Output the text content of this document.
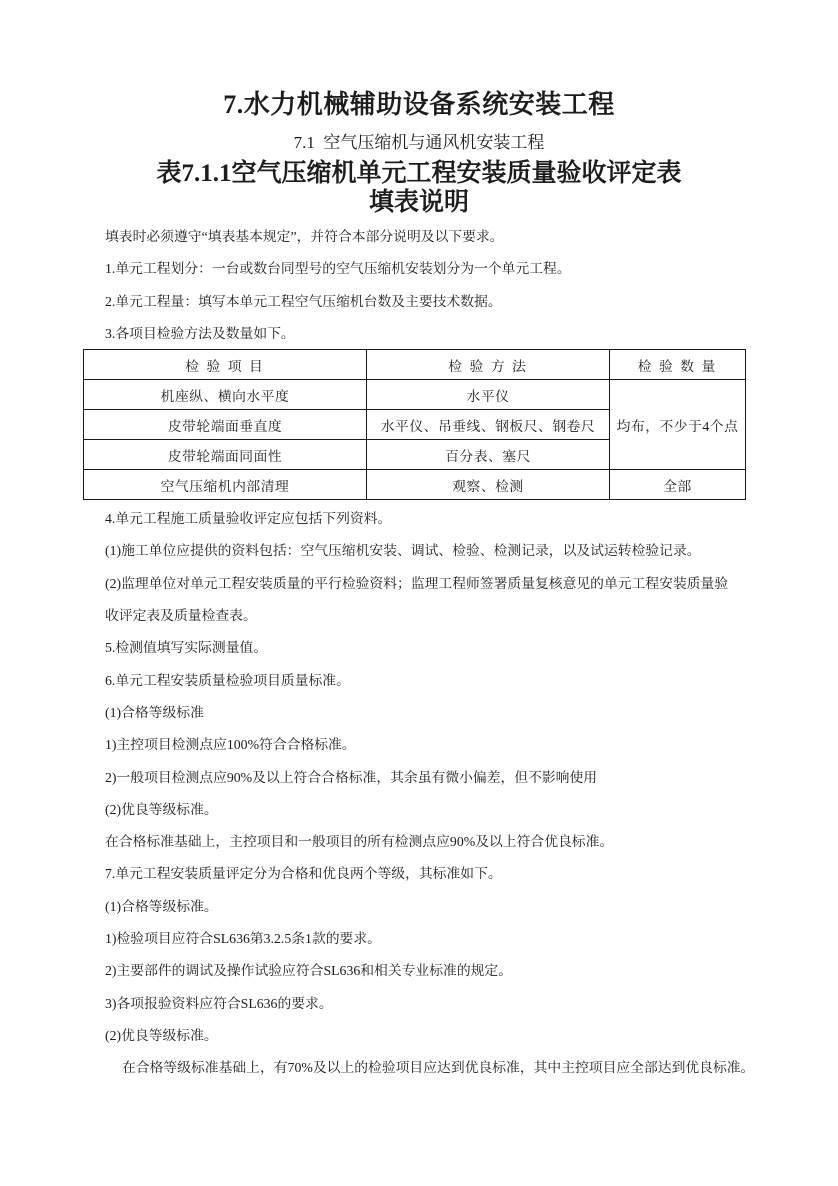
7.水力机械辅助设备系统安装工程
7.1  空气压缩机与通风机安装工程
表7.1.1空气压缩机单元工程安装质量验收评定表
填表说明
填表时必须遵守“填表基本规定”，并符合本部分说明及以下要求。
1.单元工程划分：一台或数台同型号的空气压缩机安装划分为一个单元工程。
2.单元工程量：填写本单元工程空气压缩机台数及主要技术数据。
3.各项目检验方法及数量如下。
检 验 项 目	检 验 方 法	检 验 数 量
机座纵、横向水平度	水平仪	均布，不少于4个点
皮带轮端面垂直度	水平仪、吊垂线、钢板尺、钢卷尺	
皮带轮端面同面性	百分表、塞尺	
空气压缩机内部清理	观察、检测	全部
4.单元工程施工质量验收评定应包括下列资料。
(1)施工单位应提供的资料包括：空气压缩机安装、调试、检验、检测记录，以及试运转检验记录。
(2)监理单位对单元工程安装质量的平行检验资料；监理工程师签署质量复核意见的单元工程安装质量验
收评定表及质量检查表。
5.检测值填写实际测量值。
6.单元工程安装质量检验项目质量标准。
(1)合格等级标准
1)主控项目检测点应100%符合合格标准。
2)一般项目检测点应90%及以上符合合格标准，其余虽有微小偏差，但不影响使用
(2)优良等级标准。
在合格标准基础上，主控项目和一般项目的所有检测点应90%及以上符合优良标准。
7.单元工程安装质量评定分为合格和优良两个等级，其标准如下。
(1)合格等级标准。
1)检验项目应符合SL636第3.2.5条1款的要求。
2)主要部件的调试及操作试验应符合SL636和相关专业标准的规定。
3)各项报验资料应符合SL636的要求。
(2)优良等级标准。
在合格等级标准基础上，有70%及以上的检验项目应达到优良标准，其中主控项目应全部达到优良标准。
